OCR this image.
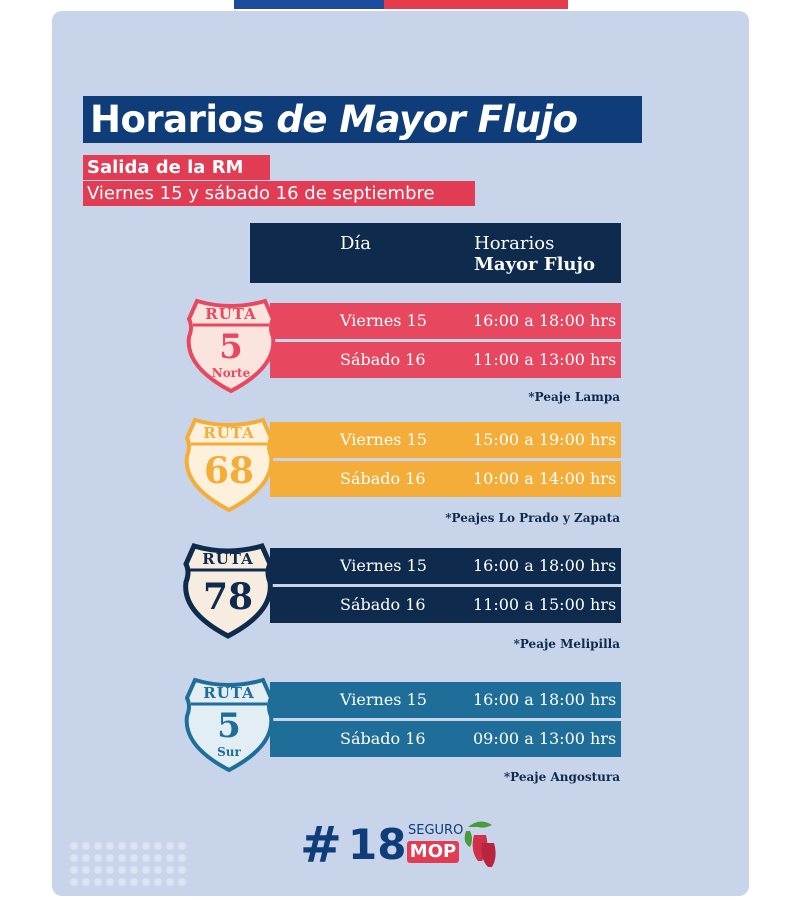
Horarios de Mayor Flujo
Salida de la RM
Viernes 15 y sábado 16 de septiembre
Día	Horarios
Mayor Flujo
Viernes 15	16:00 a 18:00 hrs
Sábado 16	11:00 a 13:00 hrs
RUTA
5
Norte
*Peaje Lampa
Viernes 15	15:00 a 19:00 hrs
Sábado 16	10:00 a 14:00 hrs
RUTA
68
*Peajes Lo Prado y Zapata
Viernes 15	16:00 a 18:00 hrs
Sábado 16	11:00 a 15:00 hrs
RUTA
78
*Peaje Melipilla
Viernes 15	16:00 a 18:00 hrs
Sábado 16	09:00 a 13:00 hrs
RUTA
5
Sur
*Peaje Angostura
# 18 SEGURO
MOP
